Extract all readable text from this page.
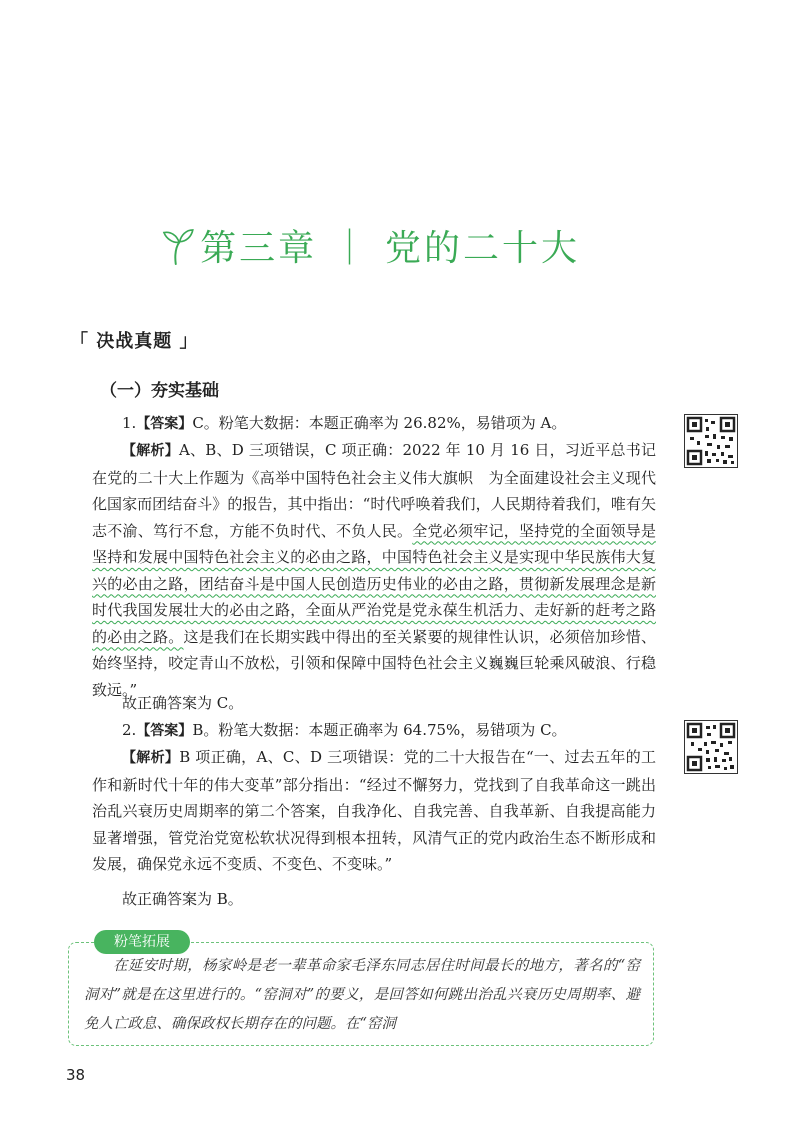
第三章 ｜ 党的二十大
「 决战真题 」
（一）夯实基础
1.【答案】C。粉笔大数据：本题正确率为 26.82%，易错项为 A。
【解析】A、B、D 三项错误，C 项正确：2022 年 10 月 16 日，习近平总书记在党的二十大上作题为《高举中国特色社会主义伟大旗帜　为全面建设社会主义现代化国家而团结奋斗》的报告，其中指出：“时代呼唤着我们，人民期待着我们，唯有矢志不渝、笃行不怠，方能不负时代、不负人民。全党必须牢记，坚持党的全面领导是坚持和发展中国特色社会主义的必由之路，中国特色社会主义是实现中华民族伟大复兴的必由之路，团结奋斗是中国人民创造历史伟业的必由之路，贯彻新发展理念是新时代我国发展壮大的必由之路，全面从严治党是党永葆生机活力、走好新的赶考之路的必由之路。这是我们在长期实践中得出的至关紧要的规律性认识，必须倍加珍惜、始终坚持，咬定青山不放松，引领和保障中国特色社会主义巍巍巨轮乘风破浪、行稳致远。”
故正确答案为 C。
2.【答案】B。粉笔大数据：本题正确率为 64.75%，易错项为 C。
【解析】B 项正确，A、C、D 三项错误：党的二十大报告在“一、过去五年的工作和新时代十年的伟大变革”部分指出：“经过不懈努力，党找到了自我革命这一跳出治乱兴衰历史周期率的第二个答案，自我净化、自我完善、自我革新、自我提高能力显著增强，管党治党宽松软状况得到根本扭转，风清气正的党内政治生态不断形成和发展，确保党永远不变质、不变色、不变味。”
故正确答案为 B。
粉笔拓展
在延安时期，杨家岭是老一辈革命家毛泽东同志居住时间最长的地方，著名的“窑洞对”就是在这里进行的。“窑洞对”的要义，是回答如何跳出治乱兴衰历史周期率、避免人亡政息、确保政权长期存在的问题。在“窑洞
38
